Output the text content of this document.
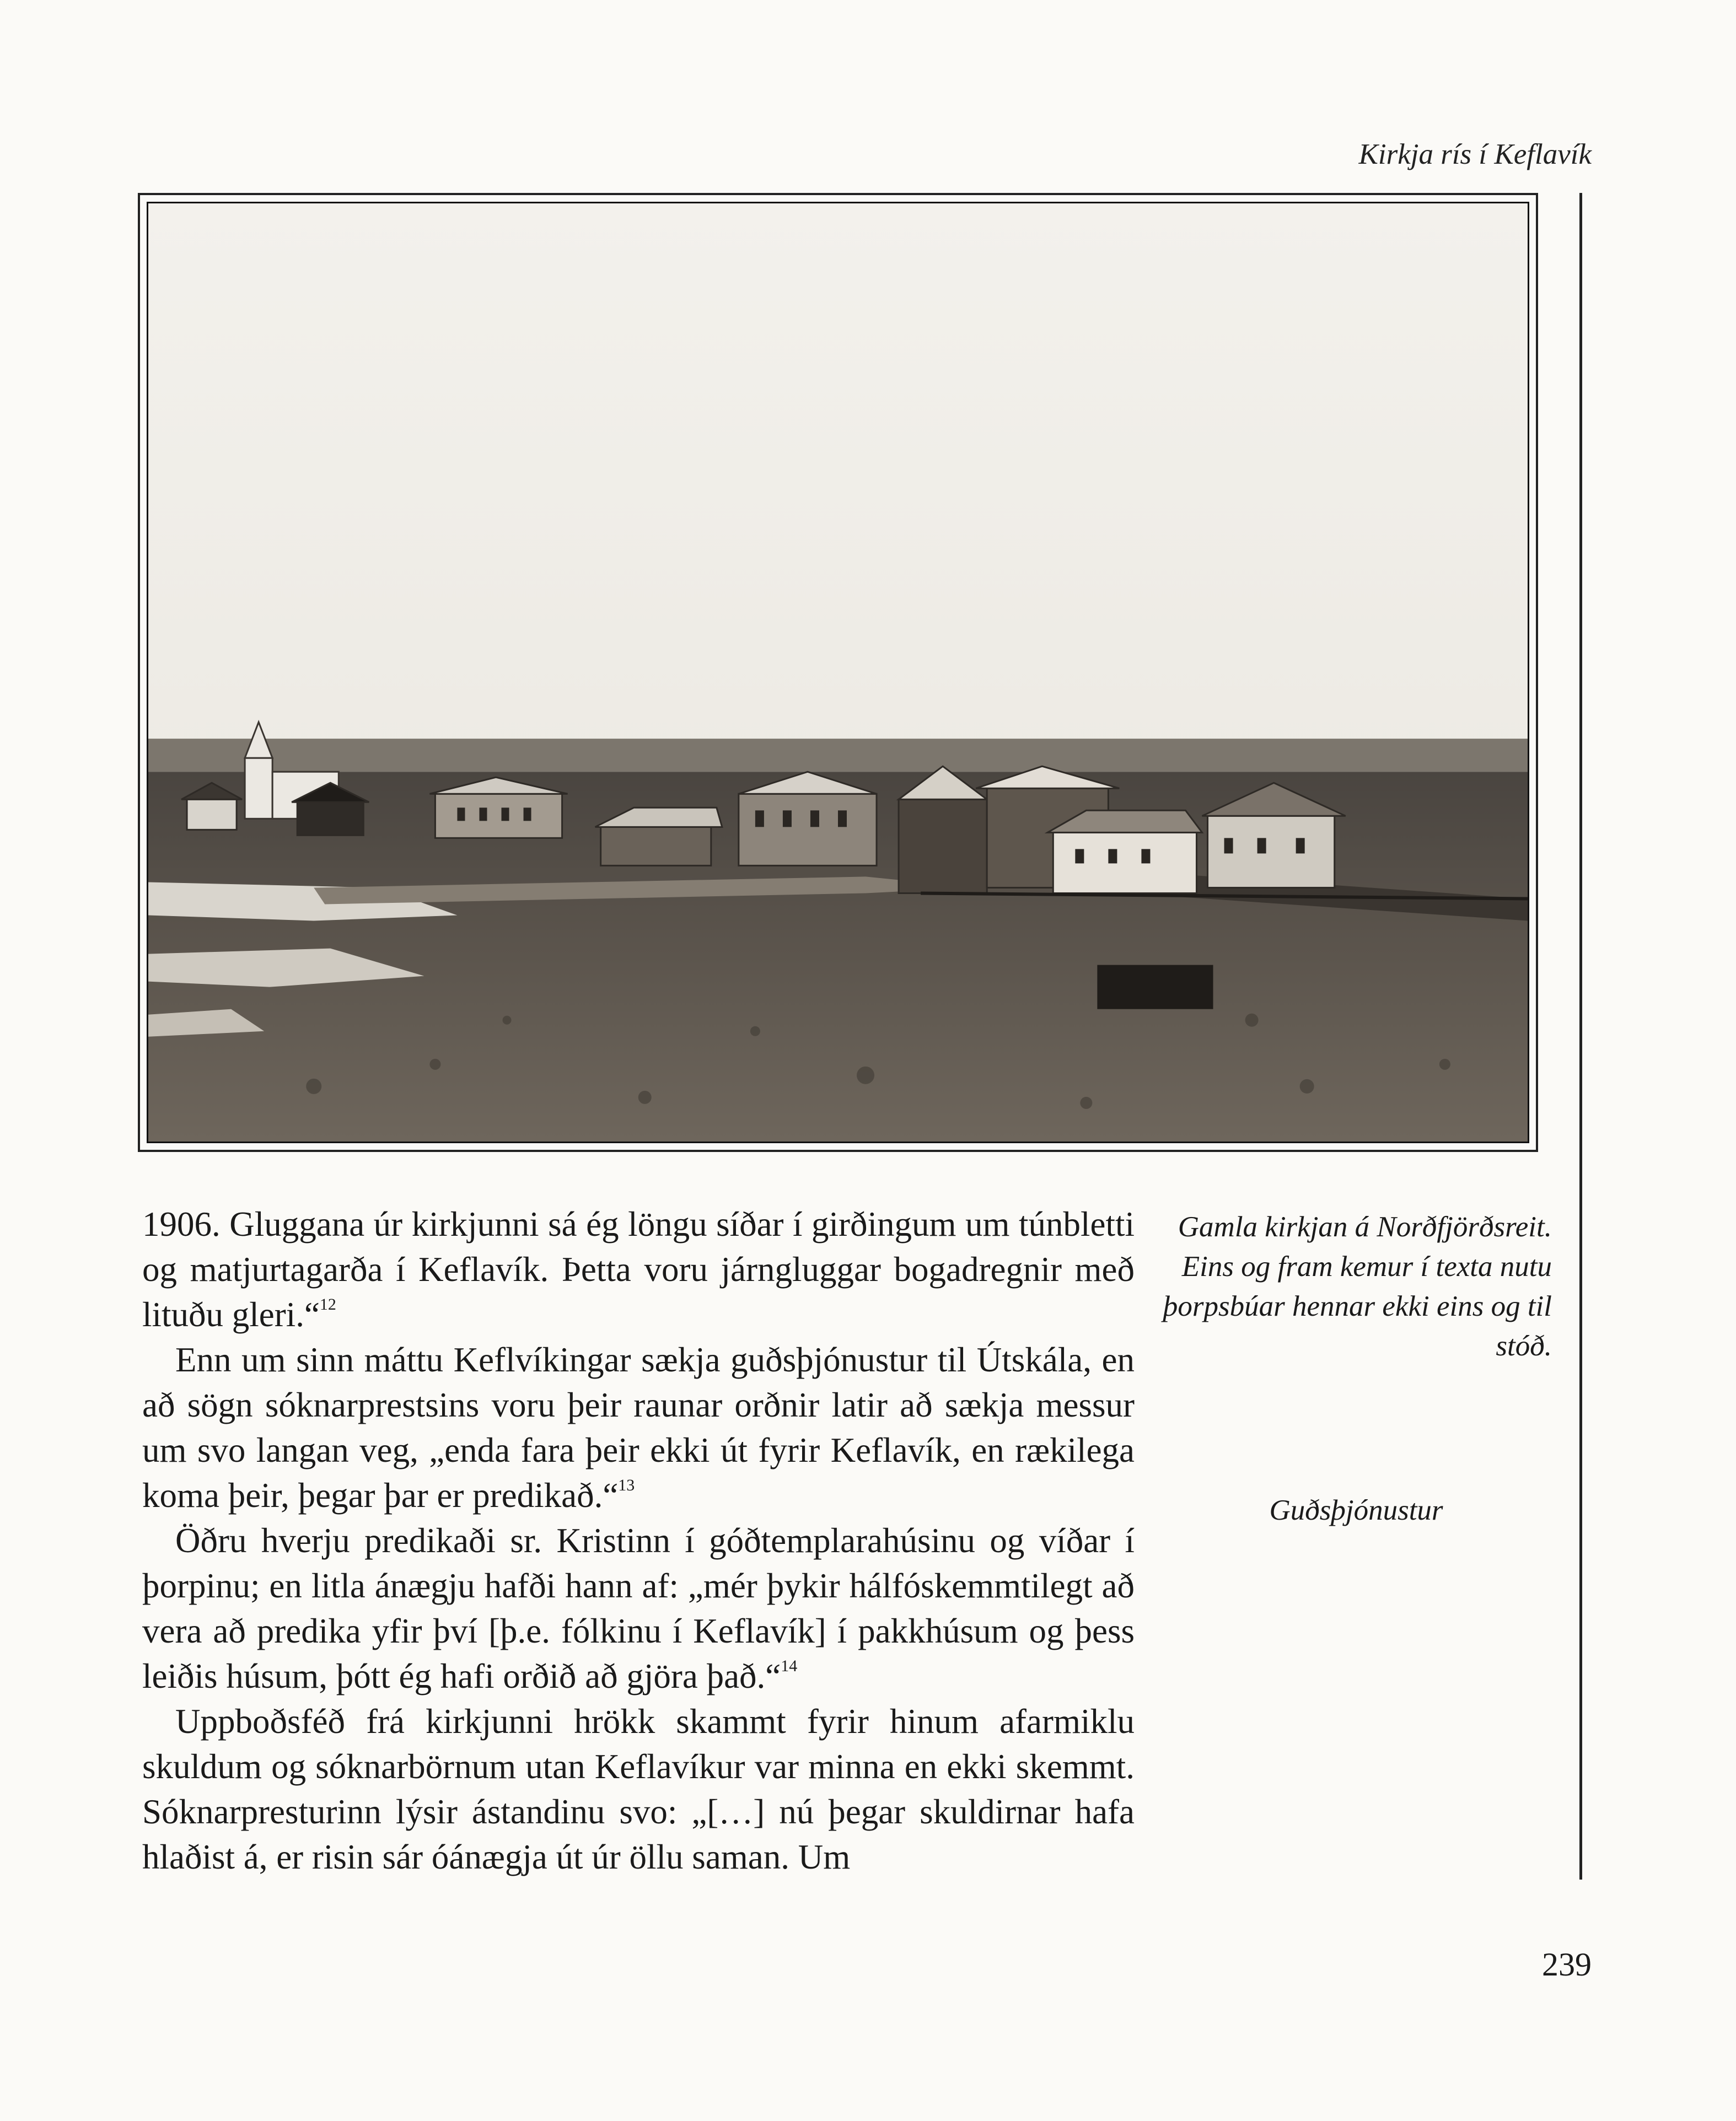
Kirkja rís í Keflavík

1906. Gluggana úr kirkjunni sá ég löngu síðar í girðingum um túnbletti og matjurtagarða í Keflavík. Þetta voru járngluggar bogadregnir með lituðu gleri.“$^{12}$

Enn um sinn máttu Keflvíkingar sækja guðsþjónustur til Útskála, en að sögn sóknarprestsins voru þeir raunar orðnir latir að sækja messur um svo langan veg, „enda fara þeir ekki út fyrir Keflavík, en rækilega koma þeir, þegar þar er predikað.“$^{13}$

Öðru hverju predikaði sr. Kristinn í góðtemplarahúsinu og víðar í þorpinu; en litla ánægju hafði hann af: „mér þykir hálfóskemmtilegt að vera að predika yfir því [þ.e. fólkinu í Keflavík] í pakkhúsum og þess leiðis húsum, þótt ég hafi orðið að gjöra það.“$^{14}$

Uppboðsféð frá kirkjunni hrökk skammt fyrir hinum afarmiklu skuldum og sóknarbörnum utan Keflavíkur var minna en ekki skemmt. Sóknarpresturinn lýsir ástandinu svo: „[…] nú þegar skuldirnar hafa hlaðist á, er risin sár óánægja út úr öllu saman. Um

Gamla kirkjan á Norðfjörðsreit. Eins og fram kemur í texta nutu þorpsbúar hennar ekki eins og til stóð.
Guðsþjónustur
239
